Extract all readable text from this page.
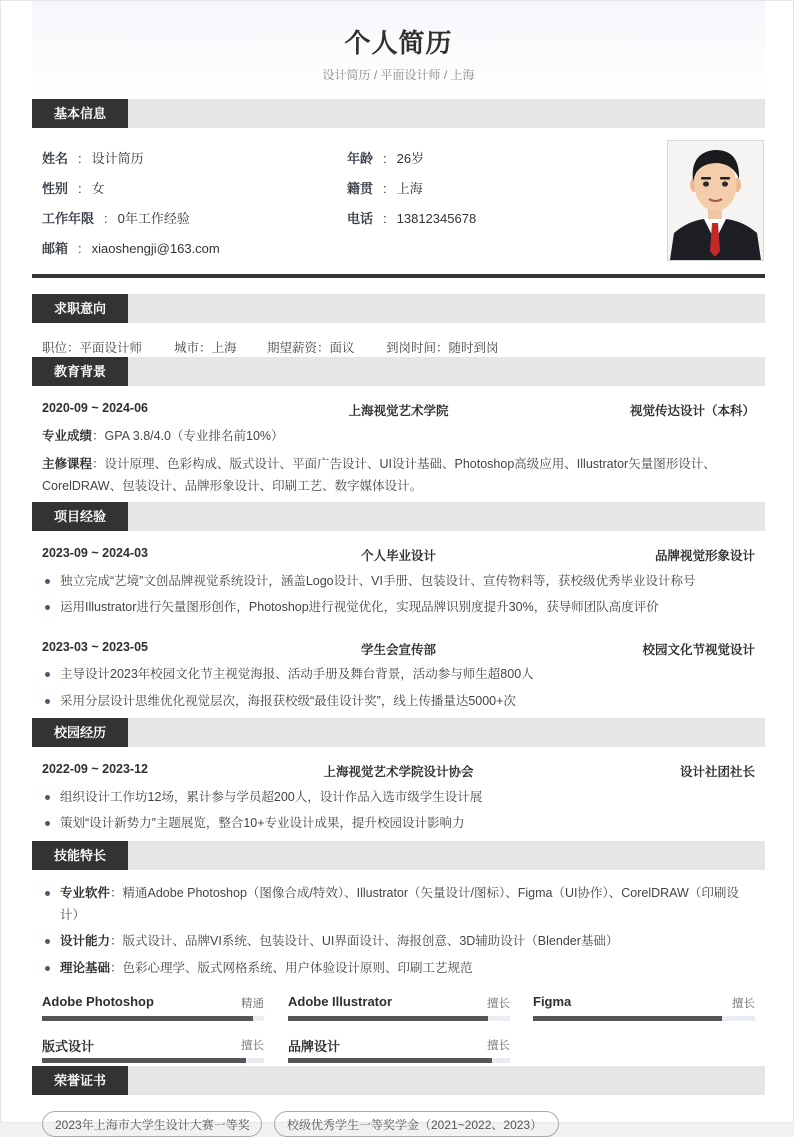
个人简历
设计简历 / 平面设计师 / 上海
基本信息
姓名 : 设计简历	年龄 : 26岁
性别 : 女	籍贯 : 上海
工作年限 : 0年工作经验	电话 : 13812345678
邮箱 : xiaoshengji@163.com
求职意向
职位：平面设计师	城市：上海 期望薪资：面议	到岗时间：随时到岗
教育背景
2020-09 ~ 2024-06	上海视觉艺术学院	视觉传达设计（本科）
专业成绩：GPA 3.8/4.0（专业排名前10%）
主修课程：设计原理、色彩构成、版式设计、平面广告设计、UI设计基础、Photoshop高级应用、Illustrator矢量图形设计、CorelDRAW、包装设计、品牌形象设计、印刷工艺、数字媒体设计。
项目经验
2023-09 ~ 2024-03	个人毕业设计	品牌视觉形象设计
独立完成“艺境”文创品牌视觉系统设计，涵盖Logo设计、VI手册、包装设计、宣传物料等，获校级优秀毕业设计称号
运用Illustrator进行矢量图形创作，Photoshop进行视觉优化，实现品牌识别度提升30%，获导师团队高度评价
2023-03 ~ 2023-05	学生会宣传部	校园文化节视觉设计
主导设计2023年校园文化节主视觉海报、活动手册及舞台背景，活动参与师生超800人
采用分层设计思维优化视觉层次，海报获校级“最佳设计奖”，线上传播量达5000+次
校园经历
2022-09 ~ 2023-12	上海视觉艺术学院设计协会	设计社团社长
组织设计工作坊12场，累计参与学员超200人，设计作品入选市级学生设计展
策划“设计新势力”主题展览，整合10+专业设计成果，提升校园设计影响力
技能特长
专业软件：精通Adobe Photoshop（图像合成/特效）、Illustrator（矢量设计/图标）、Figma（UI协作）、CorelDRAW（印刷设计）
设计能力：版式设计、品牌VI系统、包装设计、UI界面设计、海报创意、3D辅助设计（Blender基础）
理论基础：色彩心理学、版式网格系统、用户体验设计原则、印刷工艺规范
Adobe Photoshop	精通 Adobe Illustrator	擅长 Figma	擅长
版式设计	擅长 品牌设计	擅长
荣誉证书
2023年上海市大学生设计大赛一等奖	校级优秀学生一等奖学金（2021~2022、2023）
